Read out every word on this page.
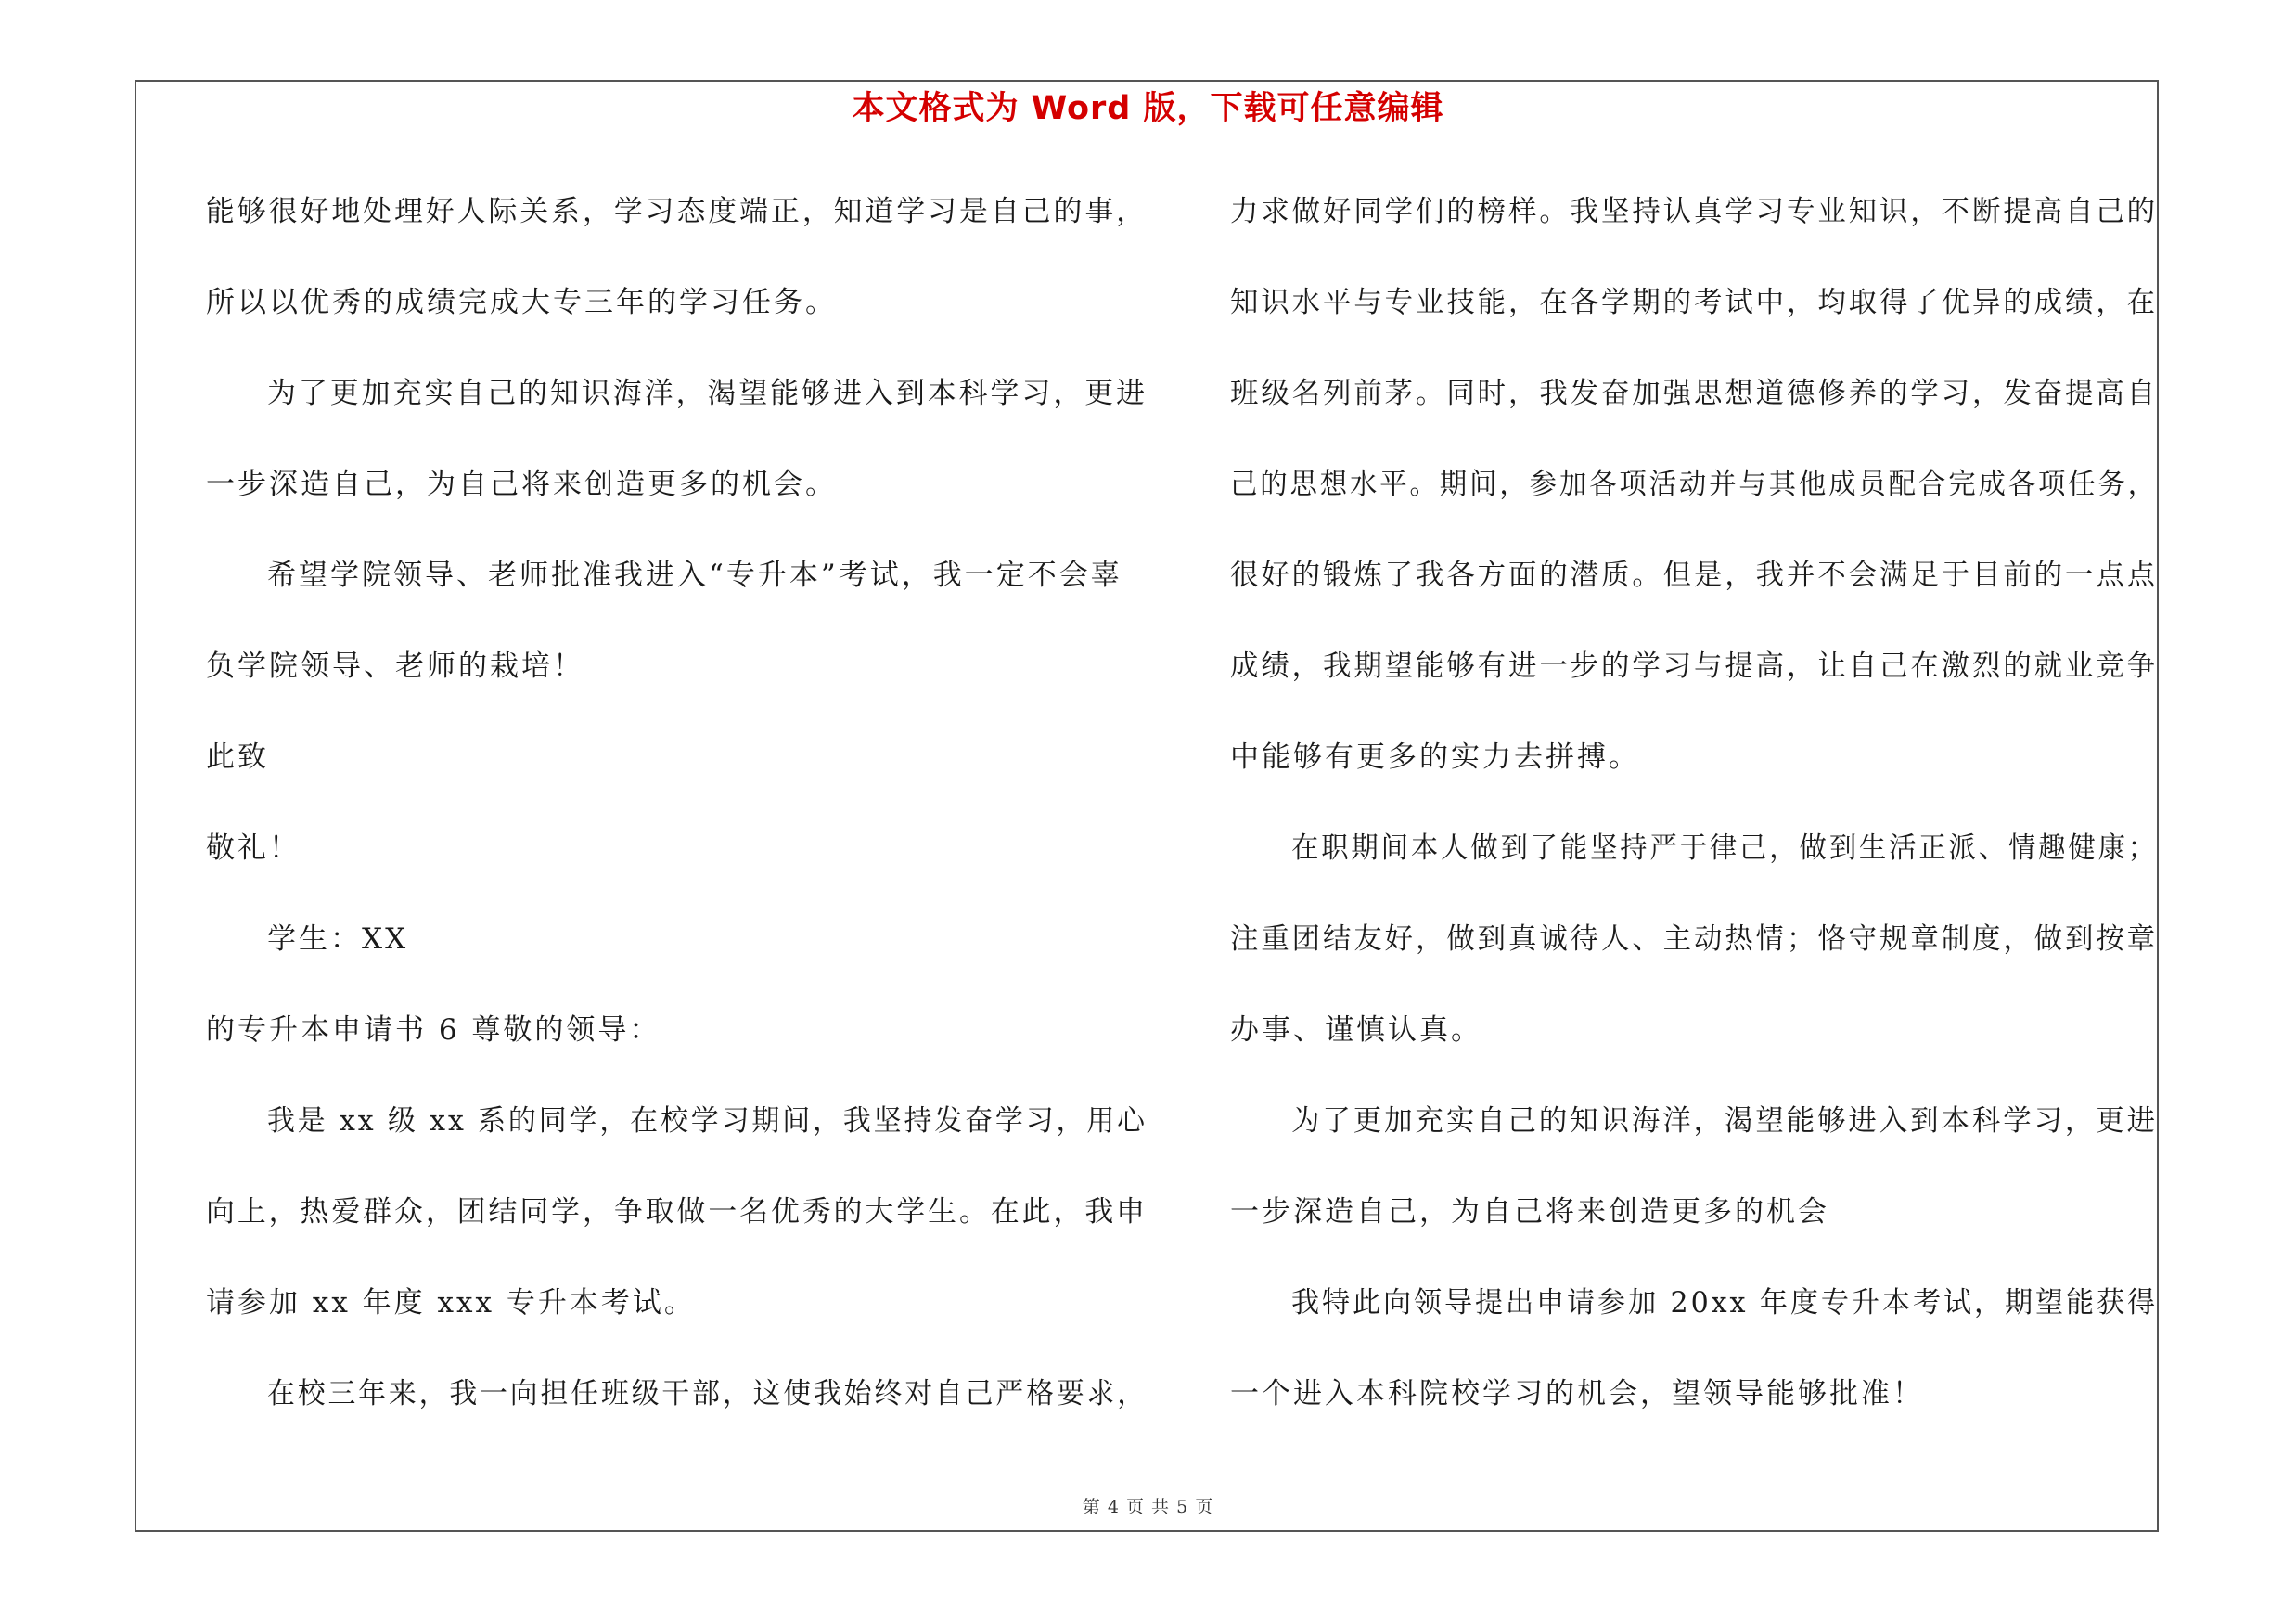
本文格式为 Word 版，下载可任意编辑
能够很好地处理好人际关系，学习态度端正，知道学习是自己的事，
所以以优秀的成绩完成大专三年的学习任务。
为了更加充实自己的知识海洋，渴望能够进入到本科学习，更进
一步深造自己，为自己将来创造更多的机会。
希望学院领导、老师批准我进入“专升本”考试，我一定不会辜
负学院领导、老师的栽培！
此致
敬礼！
学生：XX
的专升本申请书 6 尊敬的领导：
我是 xx 级 xx 系的同学，在校学习期间，我坚持发奋学习，用心
向上，热爱群众，团结同学，争取做一名优秀的大学生。在此，我申
请参加 xx 年度 xxx 专升本考试。
在校三年来，我一向担任班级干部，这使我始终对自己严格要求，
力求做好同学们的榜样。我坚持认真学习专业知识，不断提高自己的
知识水平与专业技能，在各学期的考试中，均取得了优异的成绩，在
班级名列前茅。同时，我发奋加强思想道德修养的学习，发奋提高自
己的思想水平。期间，参加各项活动并与其他成员配合完成各项任务，
很好的锻炼了我各方面的潜质。但是，我并不会满足于目前的一点点
成绩，我期望能够有进一步的学习与提高，让自己在激烈的就业竞争
中能够有更多的实力去拼搏。
在职期间本人做到了能坚持严于律己，做到生活正派、情趣健康；
注重团结友好，做到真诚待人、主动热情；恪守规章制度，做到按章
办事、谨慎认真。
为了更加充实自己的知识海洋，渴望能够进入到本科学习，更进
一步深造自己，为自己将来创造更多的机会
我特此向领导提出申请参加 20xx 年度专升本考试，期望能获得
一个进入本科院校学习的机会，望领导能够批准！
第 4 页 共 5 页
